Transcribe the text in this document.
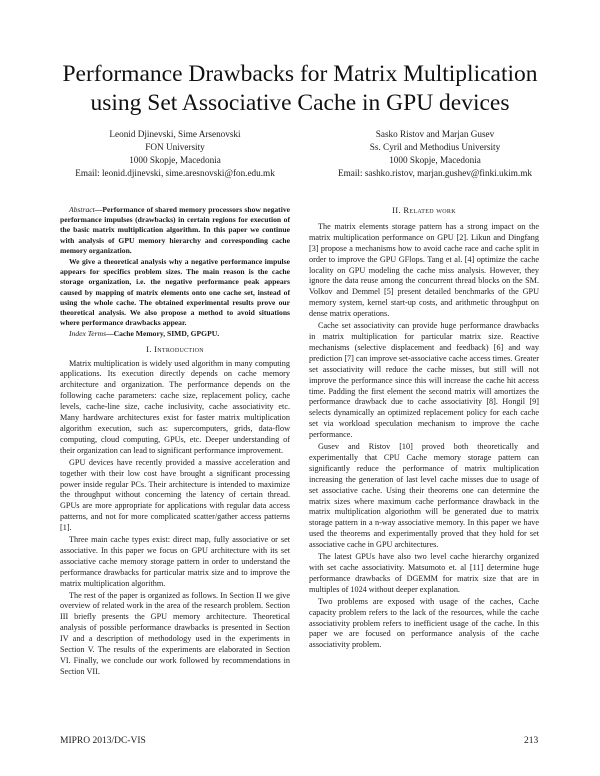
Performance Drawbacks for Matrix Multiplication
using Set Associative Cache in GPU devices
Leonid Djinevski, Sime Arsenovski
FON University
1000 Skopje, Macedonia
Email: leonid.djinevski, sime.aresnovski@fon.edu.mk
Sasko Ristov and Marjan Gusev
Ss. Cyril and Methodius University
1000 Skopje, Macedonia
Email: sashko.ristov, marjan.gushev@finki.ukim.mk

Abstract—Performance of shared memory processors show negative performance impulses (drawbacks) in certain regions for execution of the basic matrix multiplication algorithm. In this paper we continue with analysis of GPU memory hierarchy and corresponding cache memory organization.

We give a theoretical analysis why a negative performance impulse appears for specifics problem sizes. The main reason is the cache storage organization, i.e. the negative performance peak appears caused by mapping of matrix elements onto one cache set, instead of using the whole cache. The obtained experimental results prove our theoretical analysis. We also propose a method to avoid situations where performance drawbacks appear.

Index Terms—Cache Memory, SIMD, GPGPU.

I. Introduction

Matrix multiplication is widely used algorithm in many computing applications. Its execution directly depends on cache memory architecture and organization. The performance depends on the following cache parameters: cache size, replacement policy, cache levels, cache-line size, cache inclusivity, cache associativity etc. Many hardware architectures exist for faster matrix multiplication algorithm execution, such as: supercomputers, grids, data-flow computing, cloud computing, GPUs, etc. Deeper understanding of their organization can lead to significant performance improvement.

GPU devices have recently provided a massive acceleration and together with their low cost have brought a significant processing power inside regular PCs. Their architecture is intended to maximize the throughput without concerning the latency of certain thread. GPUs are more appropriate for applications with regular data access patterns, and not for more complicated scatter/gather access patterns [1].

Three main cache types exist: direct map, fully associative or set associative. In this paper we focus on GPU architecture with its set associative cache memory storage pattern in order to understand the performance drawbacks for particular matrix size and to improve the matrix multiplication algorithm.

The rest of the paper is organized as follows. In Section II we give overview of related work in the area of the research problem. Section III briefly presents the GPU memory architecture. Theoretical analysis of possible performance drawbacks is presented in Section IV and a description of methodology used in the experiments in Section V. The results of the experiments are elaborated in Section VI. Finally, we conclude our work followed by recommendations in Section VII.

II. Related work

The matrix elements storage pattern has a strong impact on the matrix multiplication performance on GPU [2]. Likun and Dingfang [3] propose a mechanisms how to avoid cache race and cache split in order to improve the GPU GFlops. Tang et al. [4] optimize the cache locality on GPU modeling the cache miss analysis. However, they ignore the data reuse among the concurrent thread blocks on the SM. Volkov and Demmel [5] present detailed benchmarks of the GPU memory system, kernel start-up costs, and arithmetic throughput on dense matrix operations.

Cache set associativity can provide huge performance drawbacks in matrix multiplication for particular matrix size. Reactive mechanisms (selective displacement and feedback) [6] and way prediction [7] can improve set-associative cache access times. Greater set associativity will reduce the cache misses, but still will not improve the performance since this will increase the cache hit access time. Padding the first element the second matrix will amortizes the performance drawback due to cache associativity [8]. Hongil [9] selects dynamically an optimized replacement policy for each cache set via workload speculation mechanism to improve the cache performance.

Gusev and Ristov [10] proved both theoretically and experimentally that CPU Cache memory storage pattern can significantly reduce the performance of matrix multiplication increasing the generation of last level cache misses due to usage of set associative cache. Using their theorems one can determine the matrix sizes where maximum cache performance drawback in the matrix multiplication algoriothm will be generated due to matrix storage pattern in a n-way associative memory. In this paper we have used the theorems and experimentally proved that they hold for set associative cache in GPU architectures.

The latest GPUs have also two level cache hierarchy organized with set cache associativity. Matsumoto et. al [11] determine huge performance drawbacks of DGEMM for matrix size that are in multiples of 1024 without deeper explanation.

Two problems are exposed with usage of the caches, Cache capacity problem refers to the lack of the resources, while the cache associativity problem refers to inefficient usage of the cache. In this paper we are focused on performance analysis of the cache associativity problem.

MIPRO 2013/DC-VIS	213
